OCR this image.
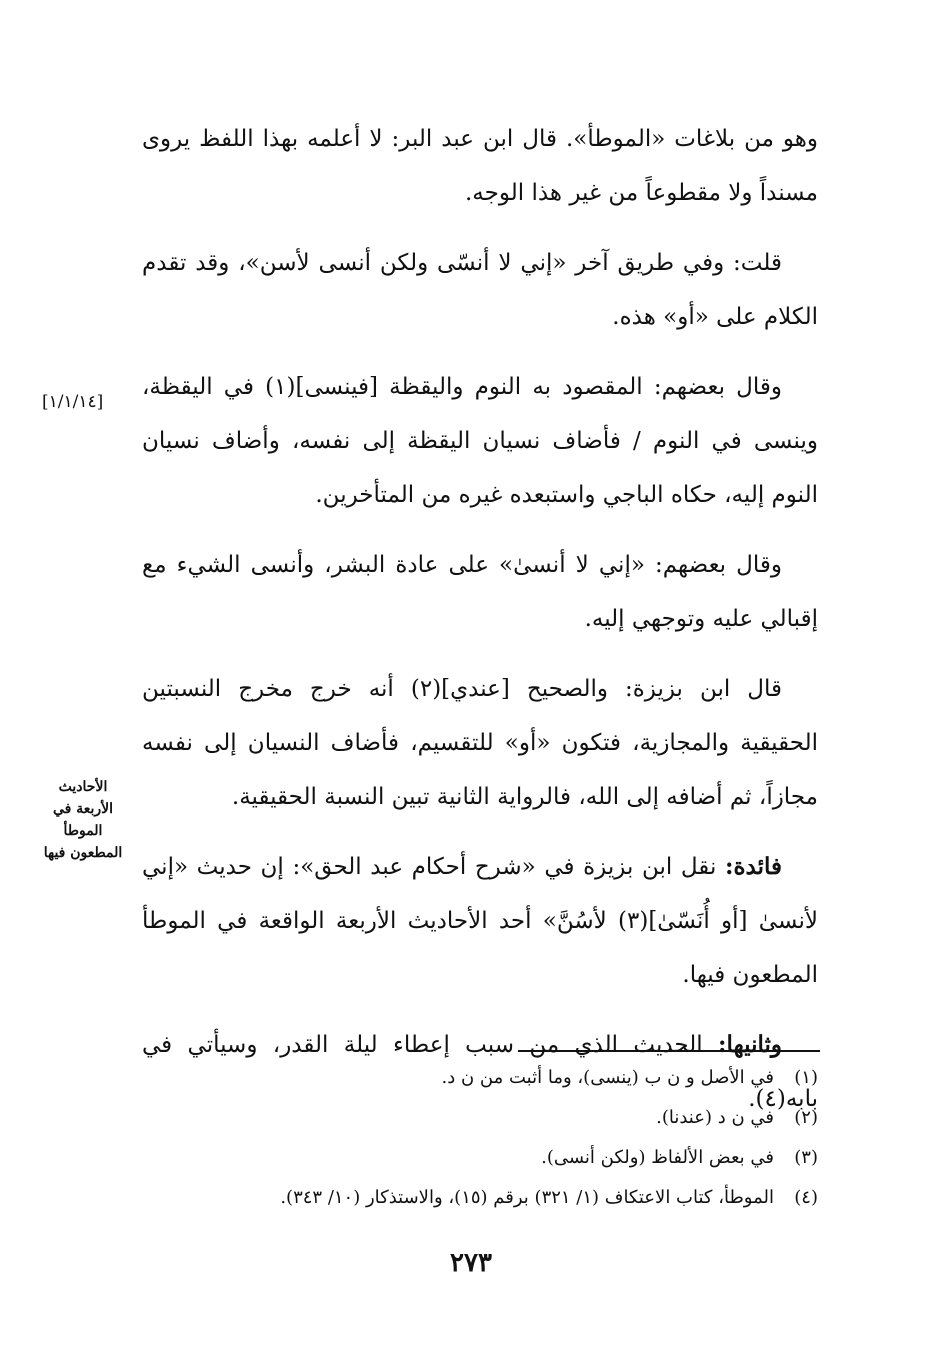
وهو من بلاغات «الموطأ». قال ابن عبد البر: لا أعلمه بهذا اللفظ يروى مسنداً ولا مقطوعاً من غير هذا الوجه.

قلت: وفي طريق آخر «إني لا أنسّى ولكن أنسى لأسن»، وقد تقدم الكلام على «أو» هذه.

وقال بعضهم: المقصود به النوم واليقظة [فينسى](١) في اليقظة، وينسى في النوم / فأضاف نسيان اليقظة إلى نفسه، وأضاف نسيان النوم إليه، حكاه الباجي واستبعده غيره من المتأخرين.

وقال بعضهم: «إني لا أنسىٰ» على عادة البشر، وأنسى الشيء مع إقبالي عليه وتوجهي إليه.

قال ابن بزيزة: والصحيح [عندي](٢) أنه خرج مخرج النسبتين الحقيقية والمجازية، فتكون «أو» للتقسيم، فأضاف النسيان إلى نفسه مجازاً، ثم أضافه إلى الله، فالرواية الثانية تبين النسبة الحقيقية.

فائدة: نقل ابن بزيزة في «شرح أحكام عبد الحق»: إن حديث «إني لأنسىٰ [أو أُنَسّىٰ](٣) لأسُنَّ» أحد الأحاديث الأربعة الواقعة في الموطأ المطعون فيها.

وثانيها: الحديث الذي من سبب إعطاء ليلة القدر، وسيأتي في بابه(٤).

[١/١/١٤]
الأحاديث
الأربعة في
الموطأ
المطعون فيها

(١)في الأصل و ن ب (ينسى)، وما أثبت من ن د.

(٢)في ن د (عندنا).

(٣)في بعض الألفاظ (ولكن أنسى).

(٤)الموطأ، كتاب الاعتكاف (١/ ٣٢١) برقم (١٥)، والاستذكار (١٠/ ٣٤٣).

٢٧٣
